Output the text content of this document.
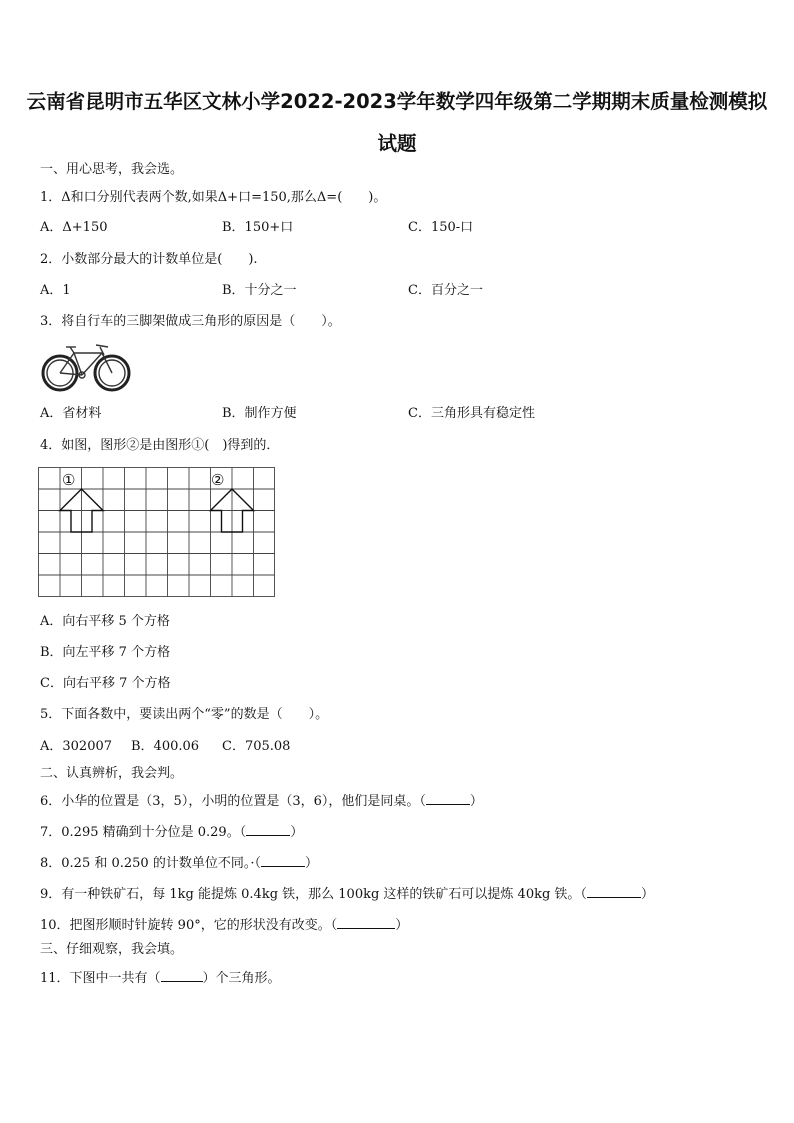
云南省昆明市五华区文林小学2022-2023学年数学四年级第二学期期末质量检测模拟
试题
一、用心思考，我会选。
1．Δ和口分别代表两个数,如果Δ+口=150,那么Δ=(　　)。
A．Δ+150	B．150+口	C．150-口
2．小数部分最大的计数单位是(　　).
A．1	B．十分之一	C．百分之一
3．将自行车的三脚架做成三角形的原因是（　　）。
A．省材料	B．制作方便	C．三角形具有稳定性
4．如图，图形②是由图形①(　)得到的．
①	②
A．向右平移 5 个方格
B．向左平移 7 个方格
C．向右平移 7 个方格
5．下面各数中，要读出两个“零”的数是（　　）。
A．302007 B．400.06 C．705.08
二、认真辨析，我会判。
6．小华的位置是（3，5），小明的位置是（3，6），他们是同桌。（	）
7．0.295 精确到十分位是 0.29。（	）
8．0.25 和 0.250 的计数单位不同。·（	）
9．有一种铁矿石，每 1kg 能提炼 0.4kg 铁，那么 100kg 这样的铁矿石可以提炼 40kg 铁。（	）
10．把图形顺时针旋转 90°，它的形状没有改变。（	）
三、仔细观察，我会填。
11．下图中一共有（	）个三角形。
